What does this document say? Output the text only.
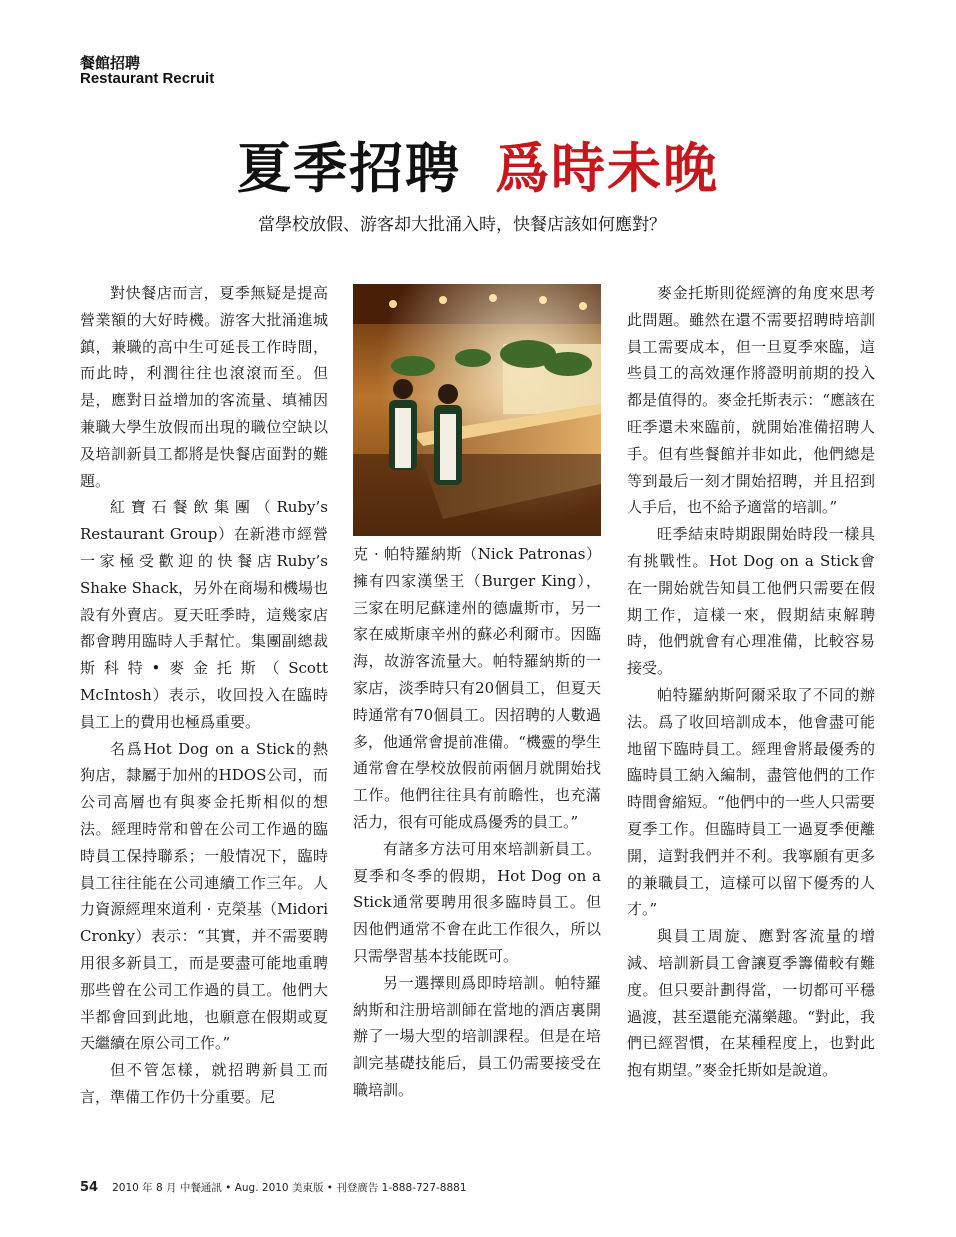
餐館招聘
Restaurant Recruit
夏季招聘 爲時未晚
當學校放假、游客却大批涌入時，快餐店該如何應對？

對快餐店而言，夏季無疑是提高營業額的大好時機。游客大批涌進城鎮，兼職的高中生可延長工作時間，而此時，利潤往往也滾滾而至。但是，應對日益增加的客流量、填補因兼職大學生放假而出現的職位空缺以及培訓新員工都將是快餐店面對的難題。

紅寶石餐飲集團（Ruby’s Restaurant Group）在新港市經營一家極受歡迎的快餐店Ruby’s Shake Shack，另外在商場和機場也設有外賣店。夏天旺季時，這幾家店都會聘用臨時人手幫忙。集團副總裁斯科特•麥金托斯（Scott McIntosh）表示，收回投入在臨時員工上的費用也極爲重要。

名爲Hot Dog on a Stick的熱狗店，隸屬于加州的HDOS公司，而公司高層也有與麥金托斯相似的想法。經理時常和曾在公司工作過的臨時員工保持聯系；一般情况下，臨時員工往往能在公司連續工作三年。人力資源經理來道利 · 克榮基（Midori Cronky）表示：“其實，并不需要聘用很多新員工，而是要盡可能地重聘那些曾在公司工作過的員工。他們大半都會回到此地，也願意在假期或夏天繼續在原公司工作。”

但不管怎樣，就招聘新員工而言，準備工作仍十分重要。尼

克 · 帕特羅納斯（Nick Patronas）擁有四家漢堡王（Burger King），三家在明尼蘇達州的德盧斯市，另一家在威斯康辛州的蘇必利爾市。因臨海，故游客流量大。帕特羅納斯的一家店，淡季時只有20個員工，但夏天時通常有70個員工。因招聘的人數過多，他通常會提前准備。“機靈的學生通常會在學校放假前兩個月就開始找工作。他們往往具有前瞻性，也充滿活力，很有可能成爲優秀的員工。”

有諸多方法可用來培訓新員工。夏季和冬季的假期，Hot Dog on a Stick通常要聘用很多臨時員工。但因他們通常不會在此工作很久，所以只需學習基本技能既可。

另一選擇則爲即時培訓。帕特羅納斯和注册培訓師在當地的酒店裏開辦了一場大型的培訓課程。但是在培訓完基礎技能后，員工仍需要接受在職培訓。

麥金托斯則從經濟的角度來思考此問題。雖然在還不需要招聘時培訓員工需要成本，但一旦夏季來臨，這些員工的高效運作將證明前期的投入都是值得的。麥金托斯表示：“應該在旺季還未來臨前，就開始准備招聘人手。但有些餐館并非如此，他們總是等到最后一刻才開始招聘，并且招到人手后，也不給予適當的培訓。”

旺季結束時期跟開始時段一樣具有挑戰性。Hot Dog on a Stick會在一開始就告知員工他們只需要在假期工作，這樣一來，假期結束解聘時，他們就會有心理准備，比較容易接受。

帕特羅納斯阿爾采取了不同的辦法。爲了收回培訓成本，他會盡可能地留下臨時員工。經理會將最優秀的臨時員工納入編制，盡管他們的工作時間會縮短。“他們中的一些人只需要夏季工作。但臨時員工一過夏季便離開，這對我們并不利。我寧願有更多的兼職員工，這樣可以留下優秀的人才。”

與員工周旋、應對客流量的增減、培訓新員工會讓夏季籌備較有難度。但只要計劃得當，一切都可平穩過渡，甚至還能充滿樂趣。“對此，我們已經習慣，在某種程度上，也對此抱有期望。”麥金托斯如是說道。

54 2010 年 8 月 中餐通訊 • Aug. 2010 美東版 • 刊登廣告 1-888-727-8881
